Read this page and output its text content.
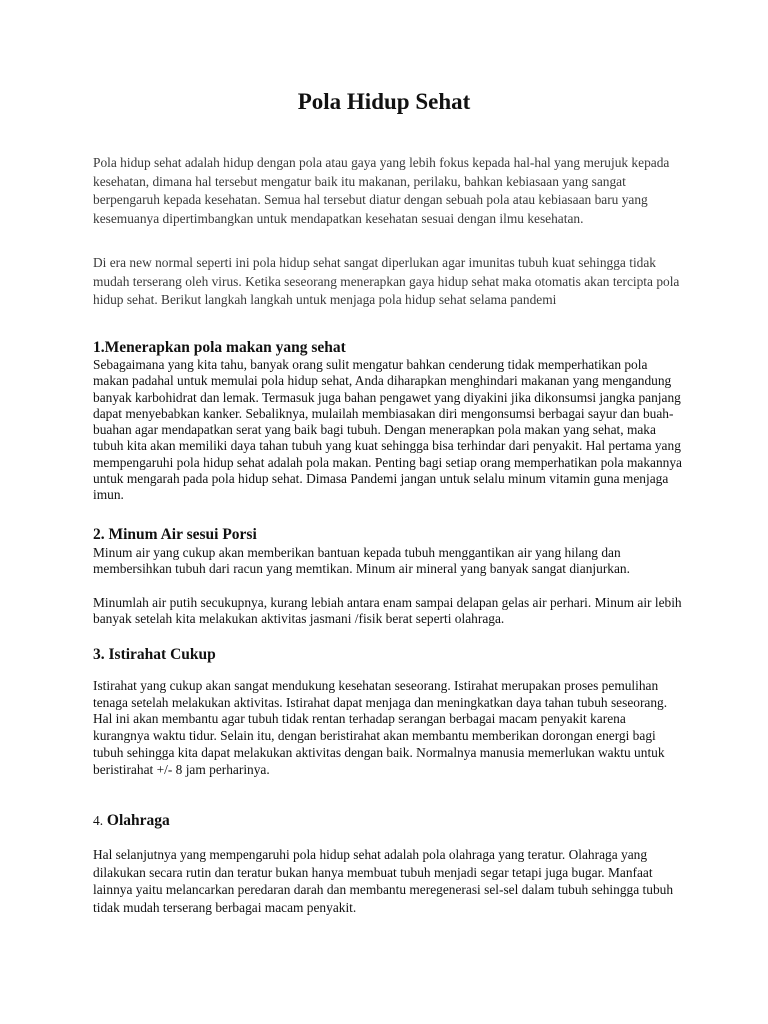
Pola Hidup Sehat

Pola hidup sehat adalah hidup dengan pola atau gaya yang lebih fokus kepada hal-hal yang merujuk kepada kesehatan, dimana hal tersebut mengatur baik itu makanan, perilaku, bahkan kebiasaan yang sangat berpengaruh kepada kesehatan. Semua hal tersebut diatur dengan sebuah pola atau kebiasaan baru yang kesemuanya dipertimbangkan untuk mendapatkan kesehatan sesuai dengan ilmu kesehatan.

Di era new normal seperti ini pola hidup sehat sangat diperlukan agar imunitas tubuh kuat sehingga tidak mudah terserang oleh virus. Ketika seseorang menerapkan gaya hidup sehat maka otomatis akan tercipta pola hidup sehat. Berikut langkah langkah untuk menjaga pola hidup sehat selama pandemi

1.Menerapkan pola makan yang sehat

Sebagaimana yang kita tahu, banyak orang sulit mengatur bahkan cenderung tidak memperhatikan pola makan padahal untuk memulai pola hidup sehat, Anda diharapkan menghindari makanan yang mengandung banyak karbohidrat dan lemak. Termasuk juga bahan pengawet yang diyakini jika dikonsumsi jangka panjang dapat menyebabkan kanker. Sebaliknya, mulailah membiasakan diri mengonsumsi berbagai sayur dan buah-buahan agar mendapatkan serat yang baik bagi tubuh. Dengan menerapkan pola makan yang sehat, maka tubuh kita akan memiliki daya tahan tubuh yang kuat sehingga bisa terhindar dari penyakit. Hal pertama yang mempengaruhi pola hidup sehat adalah pola makan. Penting bagi setiap orang memperhatikan pola makannya untuk mengarah pada pola hidup sehat. Dimasa Pandemi jangan untuk selalu minum vitamin guna menjaga imun.

2. Minum Air sesui Porsi

Minum air yang cukup akan memberikan bantuan kepada tubuh menggantikan air yang hilang dan membersihkan tubuh dari racun yang memtikan. Minum air mineral yang banyak sangat dianjurkan.

Minumlah air putih secukupnya, kurang lebiah antara enam sampai delapan gelas air perhari. Minum air lebih banyak setelah kita melakukan aktivitas jasmani /fisik berat seperti olahraga.

3. Istirahat Cukup

Istirahat yang cukup akan sangat mendukung kesehatan seseorang. Istirahat merupakan proses pemulihan tenaga setelah melakukan aktivitas. Istirahat dapat menjaga dan meningkatkan daya tahan tubuh seseorang. Hal ini akan membantu agar tubuh tidak rentan terhadap serangan berbagai macam penyakit karena kurangnya waktu tidur. Selain itu, dengan beristirahat akan membantu memberikan dorongan energi bagi tubuh sehingga kita dapat melakukan aktivitas dengan baik. Normalnya manusia memerlukan waktu untuk beristirahat +/- 8 jam perharinya.

4. Olahraga

Hal selanjutnya yang mempengaruhi pola hidup sehat adalah pola olahraga yang teratur. Olahraga yang dilakukan secara rutin dan teratur bukan hanya membuat tubuh menjadi segar tetapi juga bugar. Manfaat lainnya yaitu melancarkan peredaran darah dan membantu meregenerasi sel-sel dalam tubuh sehingga tubuh tidak mudah terserang berbagai macam penyakit.
